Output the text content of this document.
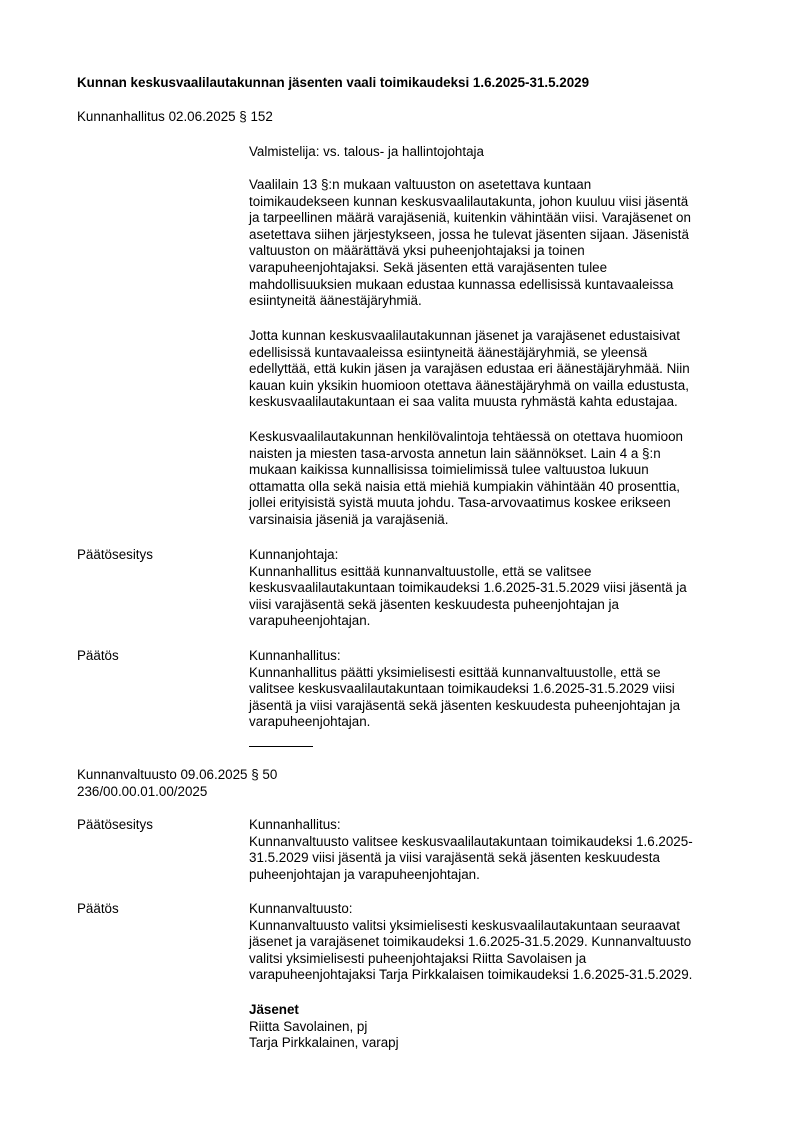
Kunnan keskusvaalilautakunnan jäsenten vaali toimikaudeksi 1.6.2025-31.5.2029
Kunnanhallitus 02.06.2025 § 152
Valmistelija: vs. talous- ja hallintojohtaja
Vaalilain 13 §:n mukaan valtuuston on asetettava kuntaan
toimikaudekseen kunnan keskusvaalilautakunta, johon kuuluu viisi jäsentä
ja tarpeellinen määrä varajäseniä, kuitenkin vähintään viisi. Varajäsenet on
asetettava siihen järjestykseen, jossa he tulevat jäsenten sijaan. Jäsenistä
valtuuston on määrättävä yksi puheenjohtajaksi ja toinen
varapuheenjohtajaksi. Sekä jäsenten että varajäsenten tulee
mahdollisuuksien mukaan edustaa kunnassa edellisissä kuntavaaleissa
esiintyneitä äänestäjäryhmiä.
Jotta kunnan keskusvaalilautakunnan jäsenet ja varajäsenet edustaisivat
edellisissä kuntavaaleissa esiintyneitä äänestäjäryhmiä, se yleensä
edellyttää, että kukin jäsen ja varajäsen edustaa eri äänestäjäryhmää. Niin
kauan kuin yksikin huomioon otettava äänestäjäryhmä on vailla edustusta,
keskusvaalilautakuntaan ei saa valita muusta ryhmästä kahta edustajaa.
Keskusvaalilautakunnan henkilövalintoja tehtäessä on otettava huomioon
naisten ja miesten tasa-arvosta annetun lain säännökset. Lain 4 a §:n
mukaan kaikissa kunnallisissa toimielimissä tulee valtuustoa lukuun
ottamatta olla sekä naisia että miehiä kumpiakin vähintään 40 prosenttia,
jollei erityisistä syistä muuta johdu. Tasa-arvovaatimus koskee erikseen
varsinaisia jäseniä ja varajäseniä.
Päätösesitys	Kunnanjohtaja:
Kunnanhallitus esittää kunnanvaltuustolle, että se valitsee
keskusvaalilautakuntaan toimikaudeksi 1.6.2025-31.5.2029 viisi jäsentä ja
viisi varajäsentä sekä jäsenten keskuudesta puheenjohtajan ja
varapuheenjohtajan.
Päätös	Kunnanhallitus:
Kunnanhallitus päätti yksimielisesti esittää kunnanvaltuustolle, että se
valitsee keskusvaalilautakuntaan toimikaudeksi 1.6.2025-31.5.2029 viisi
jäsentä ja viisi varajäsentä sekä jäsenten keskuudesta puheenjohtajan ja
varapuheenjohtajan.
Kunnanvaltuusto 09.06.2025 § 50
236/00.00.01.00/2025
Päätösesitys	Kunnanhallitus:
Kunnanvaltuusto valitsee keskusvaalilautakuntaan toimikaudeksi 1.6.2025-
31.5.2029 viisi jäsentä ja viisi varajäsentä sekä jäsenten keskuudesta
puheenjohtajan ja varapuheenjohtajan.
Päätös	Kunnanvaltuusto:
Kunnanvaltuusto valitsi yksimielisesti keskusvaalilautakuntaan seuraavat
jäsenet ja varajäsenet toimikaudeksi 1.6.2025-31.5.2029. Kunnanvaltuusto
valitsi yksimielisesti puheenjohtajaksi Riitta Savolaisen ja
varapuheenjohtajaksi Tarja Pirkkalaisen toimikaudeksi 1.6.2025-31.5.2029.
Jäsenet
Riitta Savolainen, pj
Tarja Pirkkalainen, varapj
